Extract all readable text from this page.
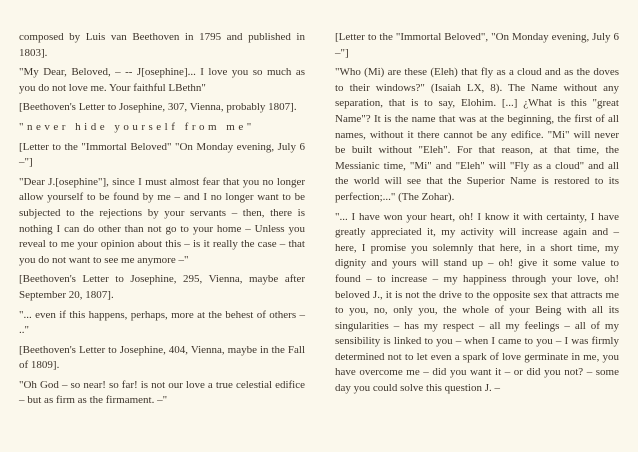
composed by Luis van Beethoven in 1795 and published in 1803].

"My Dear, Beloved, – -- J[osephine]... I love you so much as you do not love me. Your faithful LBethn"

[Beethoven's Letter to Josephine, 307, Vienna, probably 1807].

"never hide yourself from me"

[Letter to the "Immortal Beloved" "On Monday evening, July 6 –"]

"Dear J.[osephine"], since I must almost fear that you no longer allow yourself to be found by me – and I no longer want to be subjected to the rejections by your servants – then, there is nothing I can do other than not go to your home – Unless you reveal to me your opinion about this – is it really the case – that you do not want to see me anymore –"

[Beethoven's Letter to Josephine, 295, Vienna, maybe after September 20, 1807].

"... even if this happens, perhaps, more at the behest of others – .."

[Beethoven's Letter to Josephine, 404, Vienna, maybe in the Fall of 1809].

"Oh God – so near! so far! is not our love a true celestial edifice – but as firm as the firmament. –"

[Letter to the "Immortal Beloved", "On Monday evening, July 6 –"]

"Who (Mi) are these (Eleh) that fly as a cloud and as the doves to their windows?" (Isaiah LX, 8). The Name without any separation, that is to say, Elohim. [...] ¿What is this "great Name"? It is the name that was at the beginning, the first of all names, without it there cannot be any edifice. "Mi" will never be built without "Eleh". For that reason, at that time, the Messianic time, "Mi" and "Eleh" will "Fly as a cloud" and all the world will see that the Superior Name is restored to its perfection;..." (The Zohar).

"... I have won your heart, oh! I know it with certainty, I have greatly appreciated it, my activity will increase again and – here, I promise you solemnly that here, in a short time, my dignity and yours will stand up – oh! give it some value to found – to increase – my happiness through your love, oh! beloved J., it is not the drive to the opposite sex that attracts me to you, no, only you, the whole of your Being with all its singularities – has my respect – all my feelings – all of my sensibility is linked to you – when I came to you – I was firmly determined not to let even a spark of love germinate in me, you have overcome me – did you want it – or did you not? – some day you could solve this question J. –
